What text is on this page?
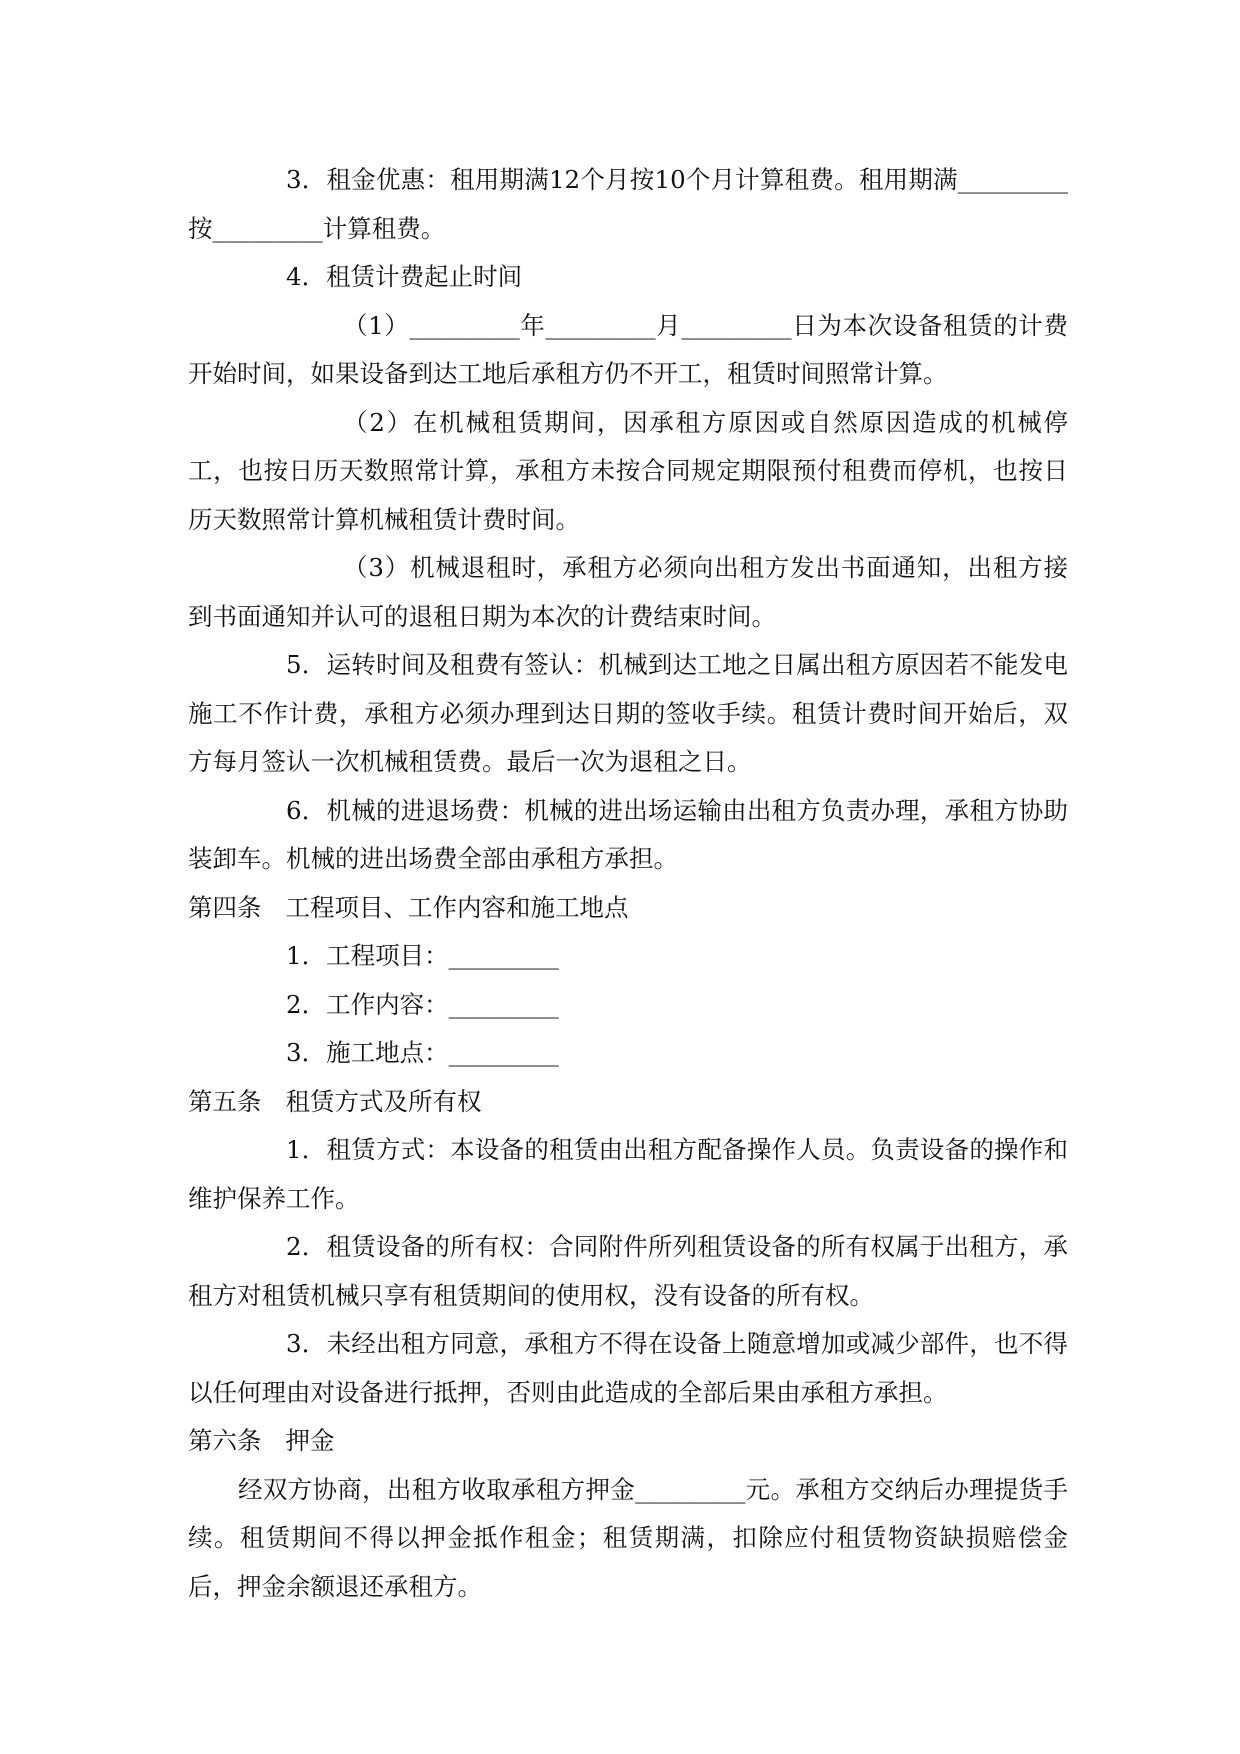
3．租金优惠：租用期满12个月按10个月计算租费。租用期满_________按_________计算租费。

4．租赁计费起止时间

（1）_________年_________月_________日为本次设备租赁的计费开始时间，如果设备到达工地后承租方仍不开工，租赁时间照常计算。

（2）在机械租赁期间，因承租方原因或自然原因造成的机械停工，也按日历天数照常计算，承租方未按合同规定期限预付租费而停机，也按日历天数照常计算机械租赁计费时间。

（3）机械退租时，承租方必须向出租方发出书面通知，出租方接到书面通知并认可的退租日期为本次的计费结束时间。

5．运转时间及租费有签认：机械到达工地之日属出租方原因若不能发电施工不作计费，承租方必须办理到达日期的签收手续。租赁计费时间开始后，双方每月签认一次机械租赁费。最后一次为退租之日。

6．机械的进退场费：机械的进出场运输由出租方负责办理，承租方协助装卸车。机械的进出场费全部由承租方承担。

第四条 工程项目、工作内容和施工地点

1．工程项目：_________

2．工作内容：_________

3．施工地点：_________

第五条 租赁方式及所有权

1．租赁方式：本设备的租赁由出租方配备操作人员。负责设备的操作和维护保养工作。

2．租赁设备的所有权：合同附件所列租赁设备的所有权属于出租方，承租方对租赁机械只享有租赁期间的使用权，没有设备的所有权。

3．未经出租方同意，承租方不得在设备上随意增加或减少部件，也不得以任何理由对设备进行抵押，否则由此造成的全部后果由承租方承担。

第六条 押金

经双方协商，出租方收取承租方押金_________元。承租方交纳后办理提货手续。租赁期间不得以押金抵作租金；租赁期满，扣除应付租赁物资缺损赔偿金后，押金余额退还承租方。
